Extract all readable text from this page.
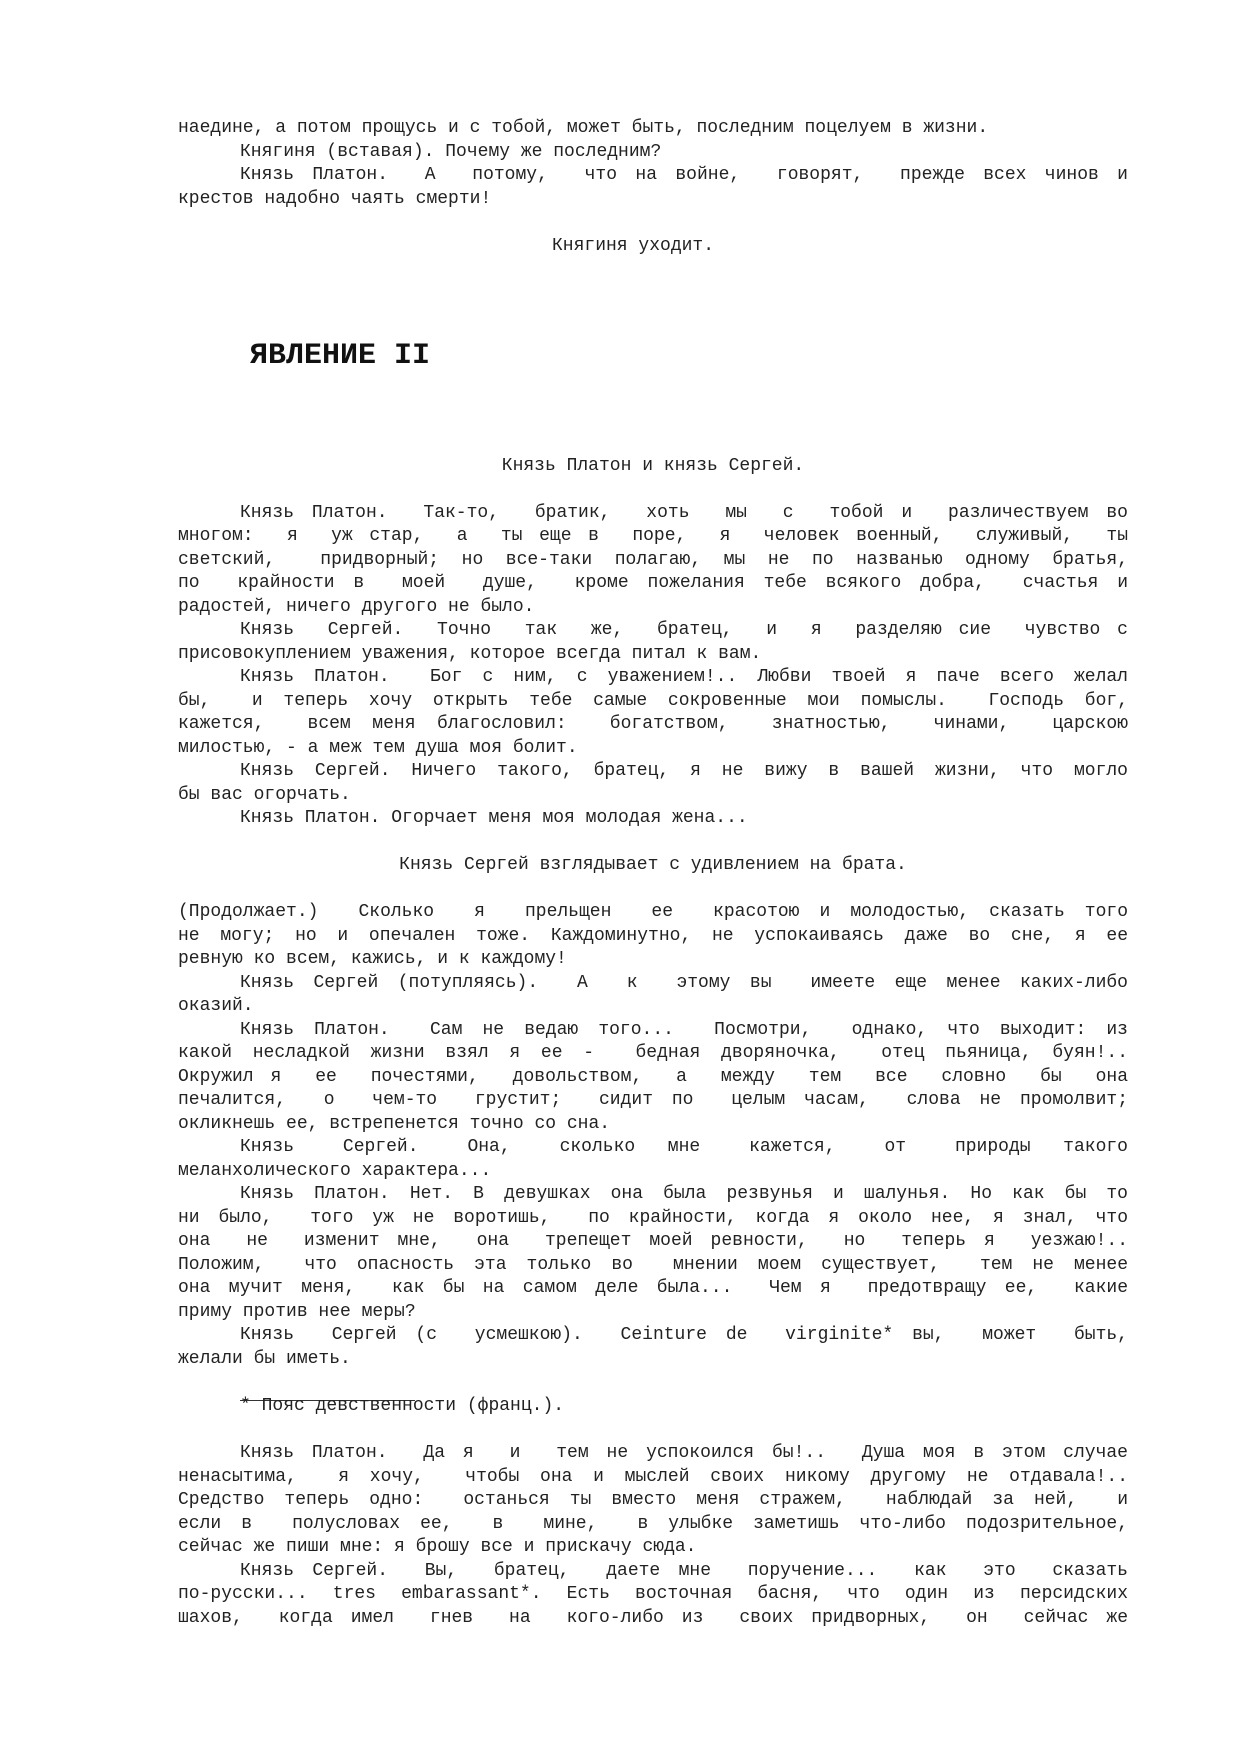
наедине, а потом прощусь и с тобой, может быть, последним поцелуем в жизни.
Княгиня (вставая). Почему же последним?
Князь Платон.  А  потому,  что на войне,  говорят,  прежде всех чинов и
крестов надобно чаять смерти!
Княгиня уходит.
ЯВЛЕНИЕ II
Князь Платон и князь Сергей.
Князь Платон.  Так-то,  братик,  хоть  мы  с  тобой и  различествуем во
многом:  я  уж стар,  а  ты еще в  поре,  я  человек военный,  служивый,  ты
светский,  придворный; но все-таки полагаю, мы не по названью одному братья,
по  крайности в  моей  душе,  кроме пожелания тебе всякого добра,  счастья и
радостей, ничего другого не было.
Князь  Сергей.  Точно  так  же,  братец,  и  я  разделяю сие  чувство с
присовокуплением уважения, которое всегда питал к вам.
Князь Платон.  Бог с ним, с уважением!.. Любви твоей я паче всего желал
бы,  и теперь хочу открыть тебе самые сокровенные мои помыслы.  Господь бог,
кажется,  всем меня благословил:  богатством,  знатностью,  чинами,  царскою
милостью, - а меж тем душа моя болит.
Князь Сергей. Ничего такого, братец, я не вижу в вашей жизни, что могло
бы вас огорчать.
Князь Платон. Огорчает меня моя молодая жена...
Князь Сергей взглядывает с удивлением на брата.
(Продолжает.)  Сколько  я  прельщен  ее  красотою и молодостью, сказать того
не могу; но и опечален тоже. Каждоминутно, не успокаиваясь даже во сне, я ее
ревную ко всем, кажись, и к каждому!
Князь Сергей (потупляясь).  А  к  этому вы  имеете еще менее каких-либо
оказий.
Князь Платон.  Сам не ведаю того...  Посмотри,  однако, что выходит: из
какой несладкой жизни взял я ее -  бедная дворяночка,  отец пьяница, буян!..
Окружил я  ее  почестями,  довольством,  а  между  тем  все  словно  бы  она
печалится,  о  чем-то  грустит;  сидит по  целым часам,  слова не промолвит;
окликнешь ее, встрепенется точно со сна.
Князь   Сергей.   Она,   сколько  мне   кажется,   от   природы  такого
меланхолического характера...
Князь Платон. Нет. В девушках она была резвунья и шалунья. Но как бы то
ни было,  того уж не воротишь,  по крайности, когда я около нее, я знал, что
она  не  изменит мне,  она  трепещет моей ревности,  но  теперь я  уезжаю!..
Положим,  что опасность эта только во  мнении моем существует,  тем не менее
она мучит меня,  как бы на самом деле была...  Чем я  предотвращу ее,  какие
приму против нее меры?
Князь  Сергей (с  усмешкою).  Ceinture de  virginite* вы,  может  быть,
желали бы иметь.
* Пояс девственности (франц.).
Князь Платон.  Да я  и  тем не успокоился бы!..  Душа моя в этом случае
ненасытима,  я хочу,  чтобы она и мыслей своих никому другому не отдавала!..
Средство теперь одно:  останься ты вместо меня стражем,  наблюдай за ней,  и
если в  полусловах ее,  в  мине,  в улыбке заметишь что-либо подозрительное,
сейчас же пиши мне: я брошу все и прискачу сюда.
Князь Сергей.  Вы,  братец,  даете мне  поручение...  как  это  сказать
по-русски... tres embarassant*. Есть восточная басня, что один из персидских
шахов,  когда имел  гнев  на  кого-либо из  своих придворных,  он  сейчас же
